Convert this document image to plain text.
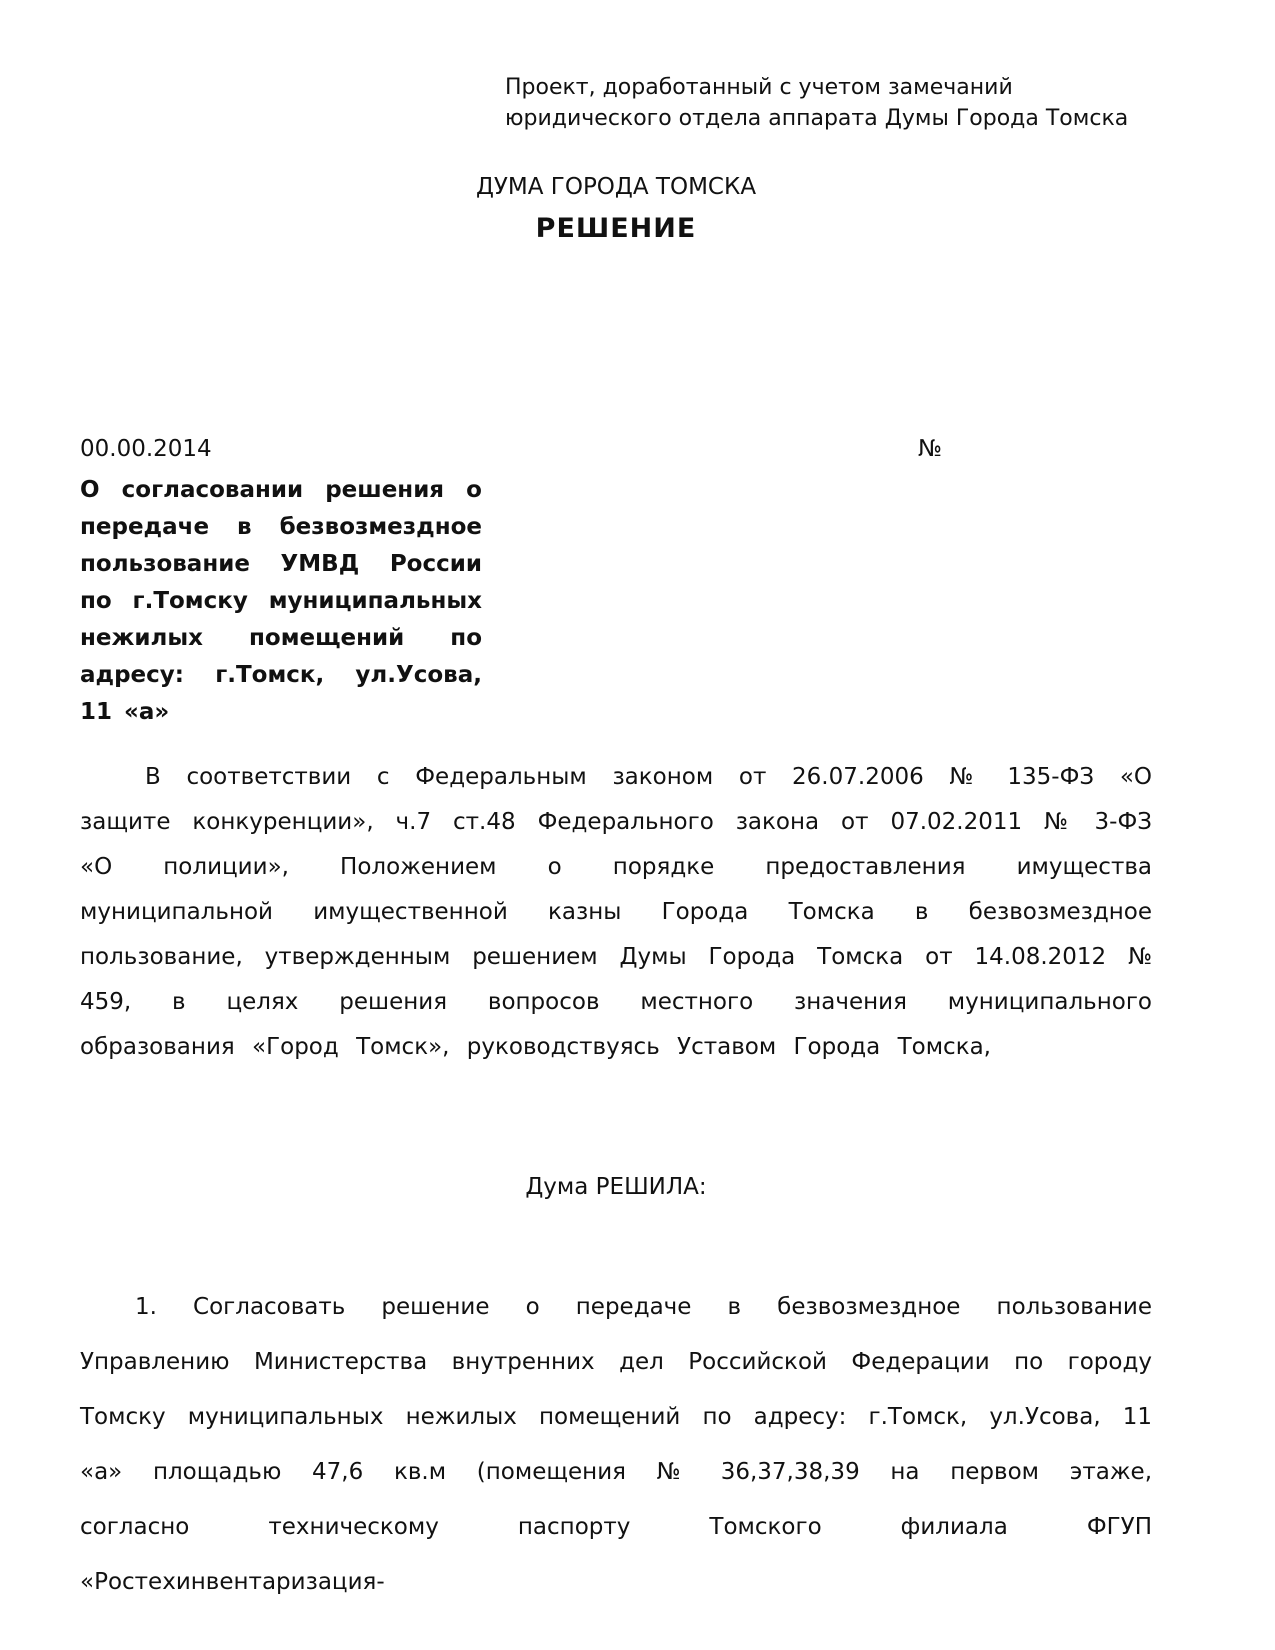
Проект, доработанный с учетом замечаний
юридического отдела аппарата Думы Города Томска
ДУМА ГОРОДА ТОМСКА
РЕШЕНИЕ
00.00.2014	№
О согласовании решения о передаче в безвозмездное пользование УМВД России по г.Томску муниципальных нежилых помещений по адресу: г.Томск, ул.Усова, 11 «а»

В соответствии с Федеральным законом от 26.07.2006 № 135-ФЗ «О защите конкуренции», ч.7 ст.48 Федерального закона от 07.02.2011 № 3-ФЗ «О полиции», Положением о порядке предоставления имущества муниципальной имущественной казны Города Томска в безвозмездное пользование, утвержденным решением Думы Города Томска от 14.08.2012 № 459, в целях решения вопросов местного значения муниципального образования «Город Томск», руководствуясь Уставом Города Томска,

Дума РЕШИЛА:

1. Согласовать решение о передаче в безвозмездное пользование Управлению Министерства внутренних дел Российской Федерации по городу Томску муниципальных нежилых помещений по адресу: г.Томск, ул.Усова, 11 «а» площадью 47,6 кв.м (помещения № 36,37,38,39 на первом этаже, согласно техническому паспорту Томского филиала ФГУП «Ростехинвентаризация-
